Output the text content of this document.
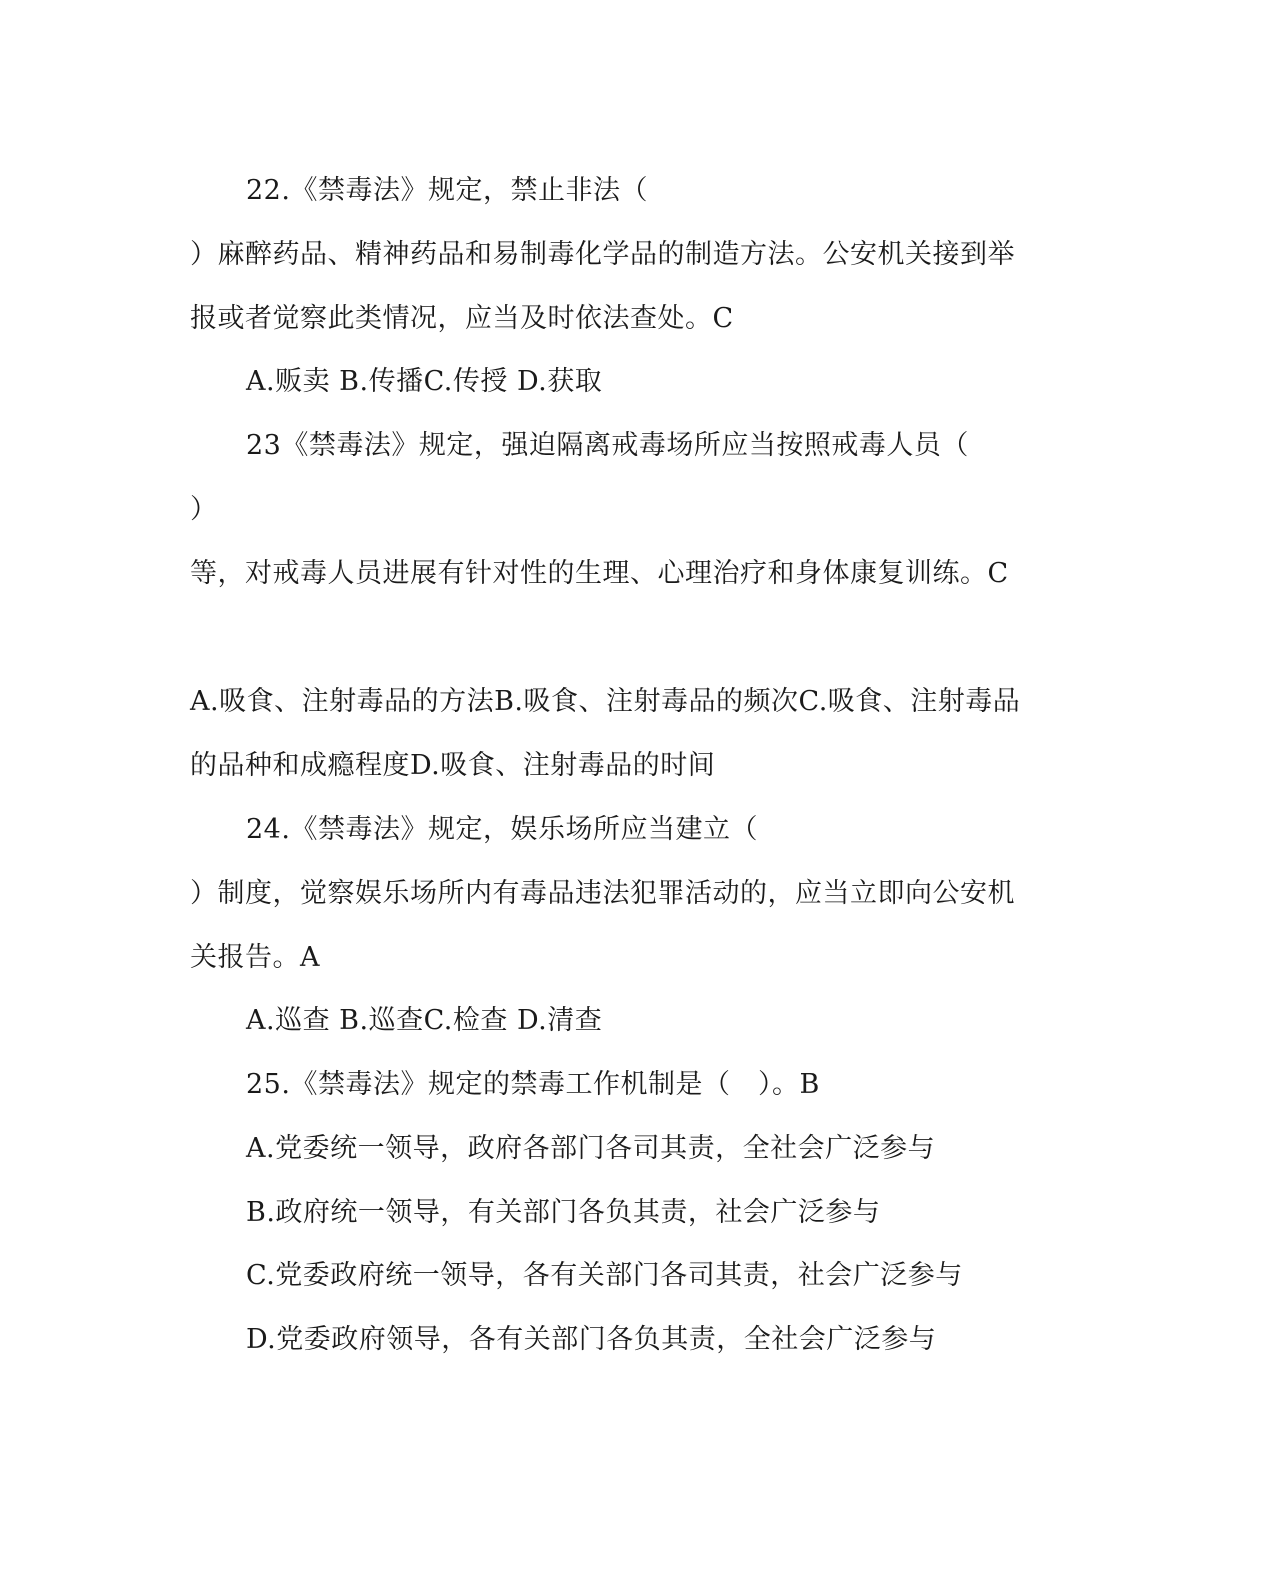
22.《禁毒法》规定，禁止非法（
）麻醉药品、精神药品和易制毒化学品的制造方法。公安机关接到举
报或者觉察此类情况，应当及时依法查处。C
A.贩卖 B.传播C.传授 D.获取
23《禁毒法》规定，强迫隔离戒毒场所应当按照戒毒人员（
）
等，对戒毒人员进展有针对性的生理、心理治疗和身体康复训练。C
A.吸食、注射毒品的方法B.吸食、注射毒品的频次C.吸食、注射毒品
的品种和成瘾程度D.吸食、注射毒品的时间
24.《禁毒法》规定，娱乐场所应当建立（
）制度，觉察娱乐场所内有毒品违法犯罪活动的，应当立即向公安机
关报告。A
A.巡查 B.巡查C.检查 D.清查
25.《禁毒法》规定的禁毒工作机制是（　）。B
A.党委统一领导，政府各部门各司其责，全社会广泛参与
B.政府统一领导，有关部门各负其责，社会广泛参与
C.党委政府统一领导，各有关部门各司其责，社会广泛参与
D.党委政府领导，各有关部门各负其责，全社会广泛参与
